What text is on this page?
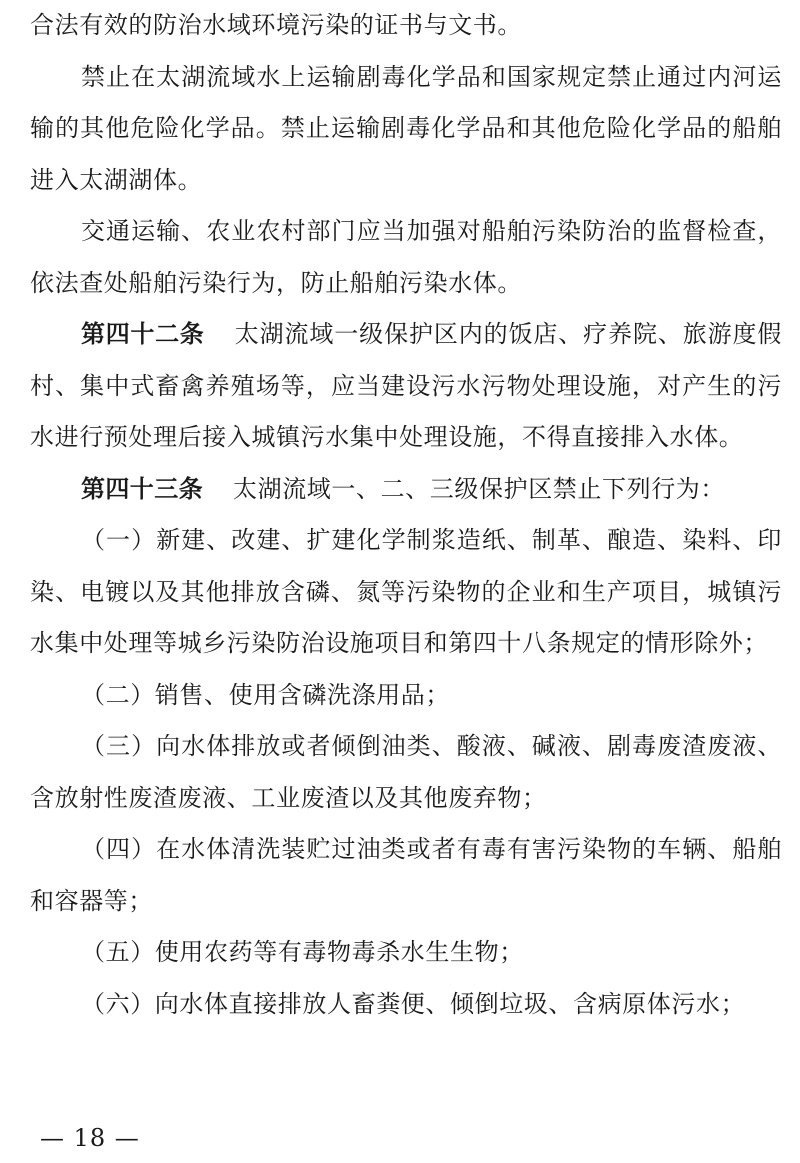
合法有效的防治水域环境污染的证书与文书。

禁止在太湖流域水上运输剧毒化学品和国家规定禁止通过内河运输的其他危险化学品。禁止运输剧毒化学品和其他危险化学品的船舶进入太湖湖体。

交通运输、农业农村部门应当加强对船舶污染防治的监督检查，依法查处船舶污染行为，防止船舶污染水体。

第四十二条 太湖流域一级保护区内的饭店、疗养院、旅游度假村、集中式畜禽养殖场等，应当建设污水污物处理设施，对产生的污水进行预处理后接入城镇污水集中处理设施，不得直接排入水体。

第四十三条 太湖流域一、二、三级保护区禁止下列行为：

（一）新建、改建、扩建化学制浆造纸、制革、酿造、染料、印染、电镀以及其他排放含磷、氮等污染物的企业和生产项目，城镇污水集中处理等城乡污染防治设施项目和第四十八条规定的情形除外；

（二）销售、使用含磷洗涤用品；

（三）向水体排放或者倾倒油类、酸液、碱液、剧毒废渣废液、含放射性废渣废液、工业废渣以及其他废弃物；

（四）在水体清洗装贮过油类或者有毒有害污染物的车辆、船舶和容器等；

（五）使用农药等有毒物毒杀水生生物；

（六）向水体直接排放人畜粪便、倾倒垃圾、含病原体污水；

— 18 —
